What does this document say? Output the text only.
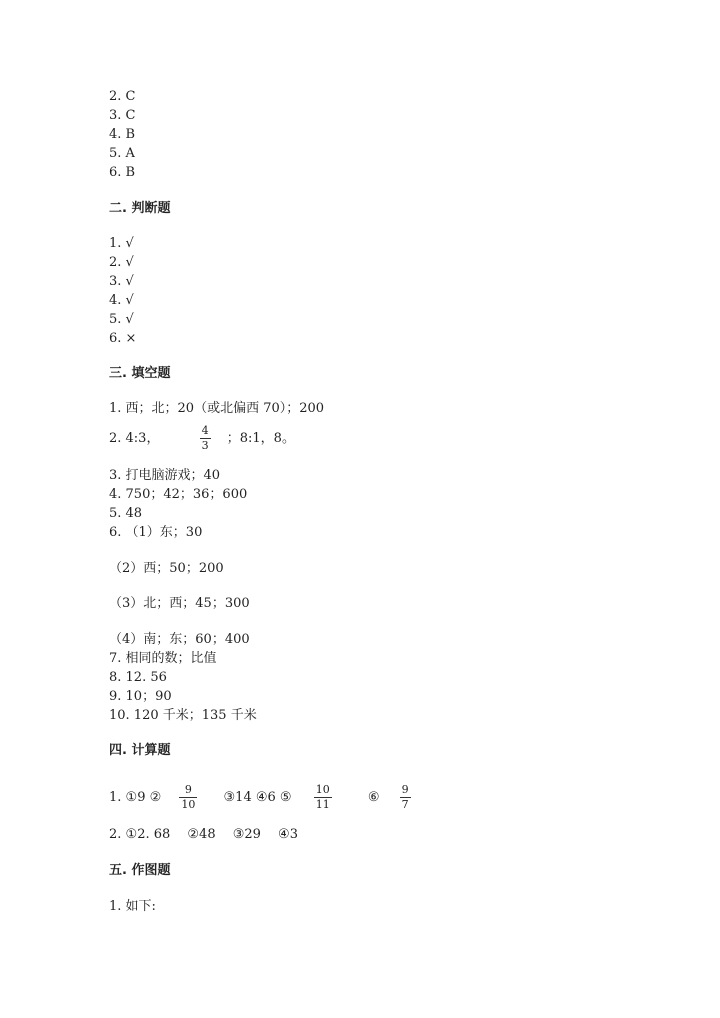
2. C
3. C
4. B
5. A
6. B
二. 判断题
1. √
2. √
3. √
4. √
5. √
6. ×
三. 填空题
1. 西；北；20（或北偏西 70）；200
2. 4:3，	$\frac{4}{3}$ ；8:1，8。
3. 打电脑游戏；40
4. 750；42；36；600
5. 48
6. （1）东；30
（2）西；50；200
（3）北；西；45；300
（4）南；东；60；400
7. 相同的数；比值
8. 12. 56
9. 10；90
10. 120 千米；135 千米
四. 计算题
1. ①9 ② $\frac{9}{10}$ ③14 ④6 ⑤ $\frac{10}{11}$	⑥ $\frac{9}{7}$
2. ①2. 68　 ②48　 ③29　 ④3
五. 作图题
1. 如下:
